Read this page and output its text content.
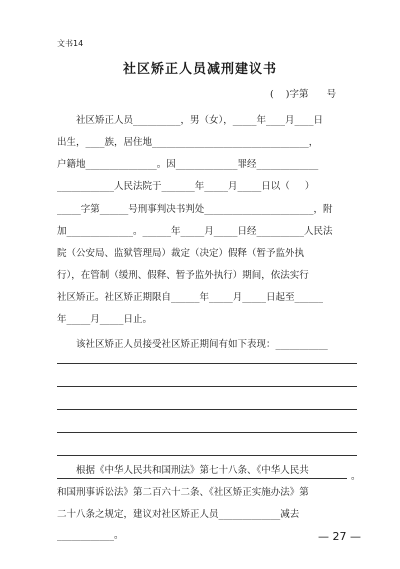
文书14
社区矫正人员减刑建议书
(    )字第      号
社区矫正人员__________，男（女），_____年____月____日
出生，____族，居住地_________________________________，
户籍地_______________。因_____________罪经_____________
____________人民法院于_______年_____月_____日以（     ）
_____字第______号刑事判决书判处_______________________，附
加______________。______年_____月_____日经__________人民法
院（公安局、监狱管理局）裁定（决定）假释（暂予监外执
行），在管制（缓刑、假释、暂予监外执行）期间，依法实行
社区矫正。社区矫正期限自______年_____月_____日起至______
年_____月_____日止。
该社区矫正人员接受社区矫正期间有如下表现：___________
。
根据《中华人民共和国刑法》第七十八条、《中华人民共
和国刑事诉讼法》第二百六十二条、《社区矫正实施办法》第
二十八条之规定，建议对社区矫正人员_____________减去
____________。	— 27 —
